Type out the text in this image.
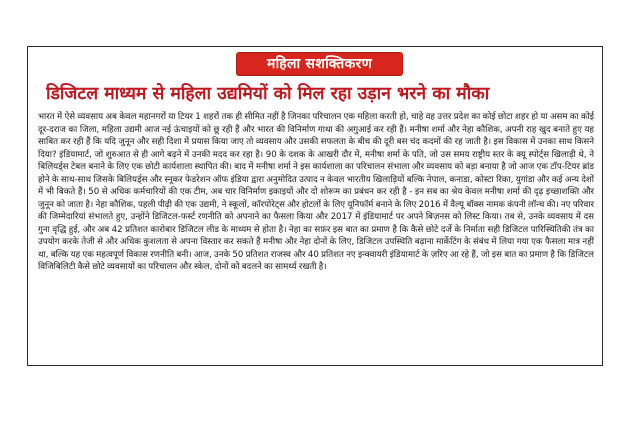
महिला सशक्तिकरण
डिजिटल माध्यम से महिला उद्यमियों को मिल रहा उड़ान भरने का मौका

भारत में ऐसे व्यवसाय अब केवल महानगरों या टियर 1 शहरों तक ही सीमित नहीं है जिनका परिचालन एक महिला करती हो, चाहे वह उत्तर प्रदेश का कोई छोटा शहर हो या असम का कोई दूर-दराज का जिला, महिला उद्यमी आज नई ऊंचाइयों को छू रही हैं और भारत की विनिर्माण गाथा की अगुआई कर रही हैं। मनीषा शर्मा और नेहा कौशिक, अपनी राह खुद बनाते हुए यह साबित कर रही हैं कि यदि जुनून और सही दिशा में प्रयास किया जाए तो व्यवसाय और उसकी सफलता के बीच की दूरी बस चंद कदमों की रह जाती है। इस विकास में उनका साथ किसने दिया? इंडियामार्ट, जो शुरुआत से ही आगे बढ़ने में उनकी मदद कर रहा है। 90 के दशक के आखरी दौर में, मनीषा शर्मा के पति, जो उस समय राष्ट्रीय स्तर के क्यू स्पोर्ट्स खिलाड़ी थे, ने बिलियर्ड्स टेबल बनाने के लिए एक छोटी कार्यशाला स्थापित की। बाद में मनीषा शर्मा ने इस कार्यशाला का परिचालन संभाला और व्यवसाय को बड़ा बनाया है जो आज एक टॉप-टियर ब्रांड होने के साथ-साथ जिसके बिलियर्ड्स और स्नूकर फेडरेशन ऑफ इंडिया द्वारा अनुमोदित उत्पाद न केवल भारतीय खिलाड़ियों बल्कि नेपाल, कनाडा, कोस्टा रिका, युगांडा और कई अन्य देशों में भी बिकते हैं। 50 से अधिक कर्मचारियों की एक टीम, अब चार विनिर्माण इकाइयों और दो शोरूम का प्रबंधन कर रही है - इन सब का श्रेय केवल मनीषा शर्मा की दृढ़ इच्छाशक्ति और जुनून को जाता है। नेहा कौशिक, पहली पीढ़ी की एक उद्यमी, ने स्कूलों, कॉरपोरेट्स और होटलों के लिए यूनिफॉर्म बनाने के लिए 2016 में वैल्यू बॉक्स नामक कंपनी लॉन्च की। नए परिवार की जिम्मेदारियां संभालते हुए, उन्होंने डिजिटल-फर्स्ट रणनीति को अपनाने का फैसला किया और 2017 में इंडियामार्ट पर अपने बिज़नस को लिस्ट किया। तब से, उनके व्यवसाय में दस गुना वृद्धि हुई, और अब 42 प्रतिशत कारोबार डिजिटल लीड के माध्यम से होता है। नेहा का सफ़र इस बात का प्रमाण है कि कैसे छोटे दर्जे के निर्माता सही डिजिटल पारिस्थितिकी तंत्र का उपयोग करके तेजी से और अधिक कुशलता से अपना विस्तार कर सकते हैं मनीषा और नेहा दोनों के लिए, डिजिटल उपस्थिति बढ़ाना मार्केटिंग के संबंध में लिया गया एक फैसला मात्र नहीं था, बल्कि यह एक महत्वपूर्ण विकास रणनीति बनी। आज, उनके 50 प्रतिशत राजस्व और 40 प्रतिशत नए इन्क्वायरी इंडियामार्ट के ज़रिए आ रहे हैं, जो इस बात का प्रमाण है कि डिजिटल विजिबिलिटी कैसे छोटे व्यवसायों का परिचालन और स्केल, दोनों को बदलने का सामर्थ्य रखती है।
